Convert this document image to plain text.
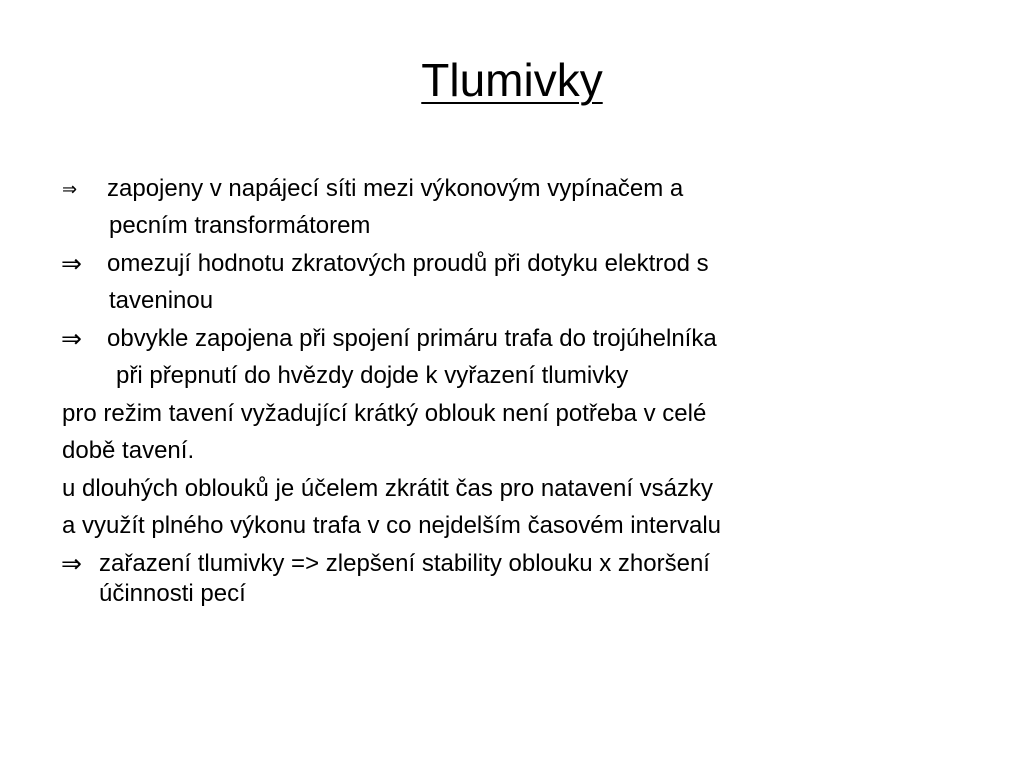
Tlumivky
⇒ zapojeny v napájecí síti mezi výkonovým vypínačem a
pecním transformátorem
⇒ omezují hodnotu zkratových proudů při dotyku elektrod s
taveninou
⇒ obvykle zapojena při spojení primáru trafa do trojúhelníka
při přepnutí do hvězdy dojde k vyřazení tlumivky
pro režim tavení vyžadující krátký oblouk není potřeba v celé
době tavení.
u dlouhých oblouků je účelem zkrátit čas pro natavení vsázky
a využít plného výkonu trafa v co nejdelším časovém intervalu
⇒ zařazení tlumivky => zlepšení stability oblouku x zhoršení
účinnosti pecí
